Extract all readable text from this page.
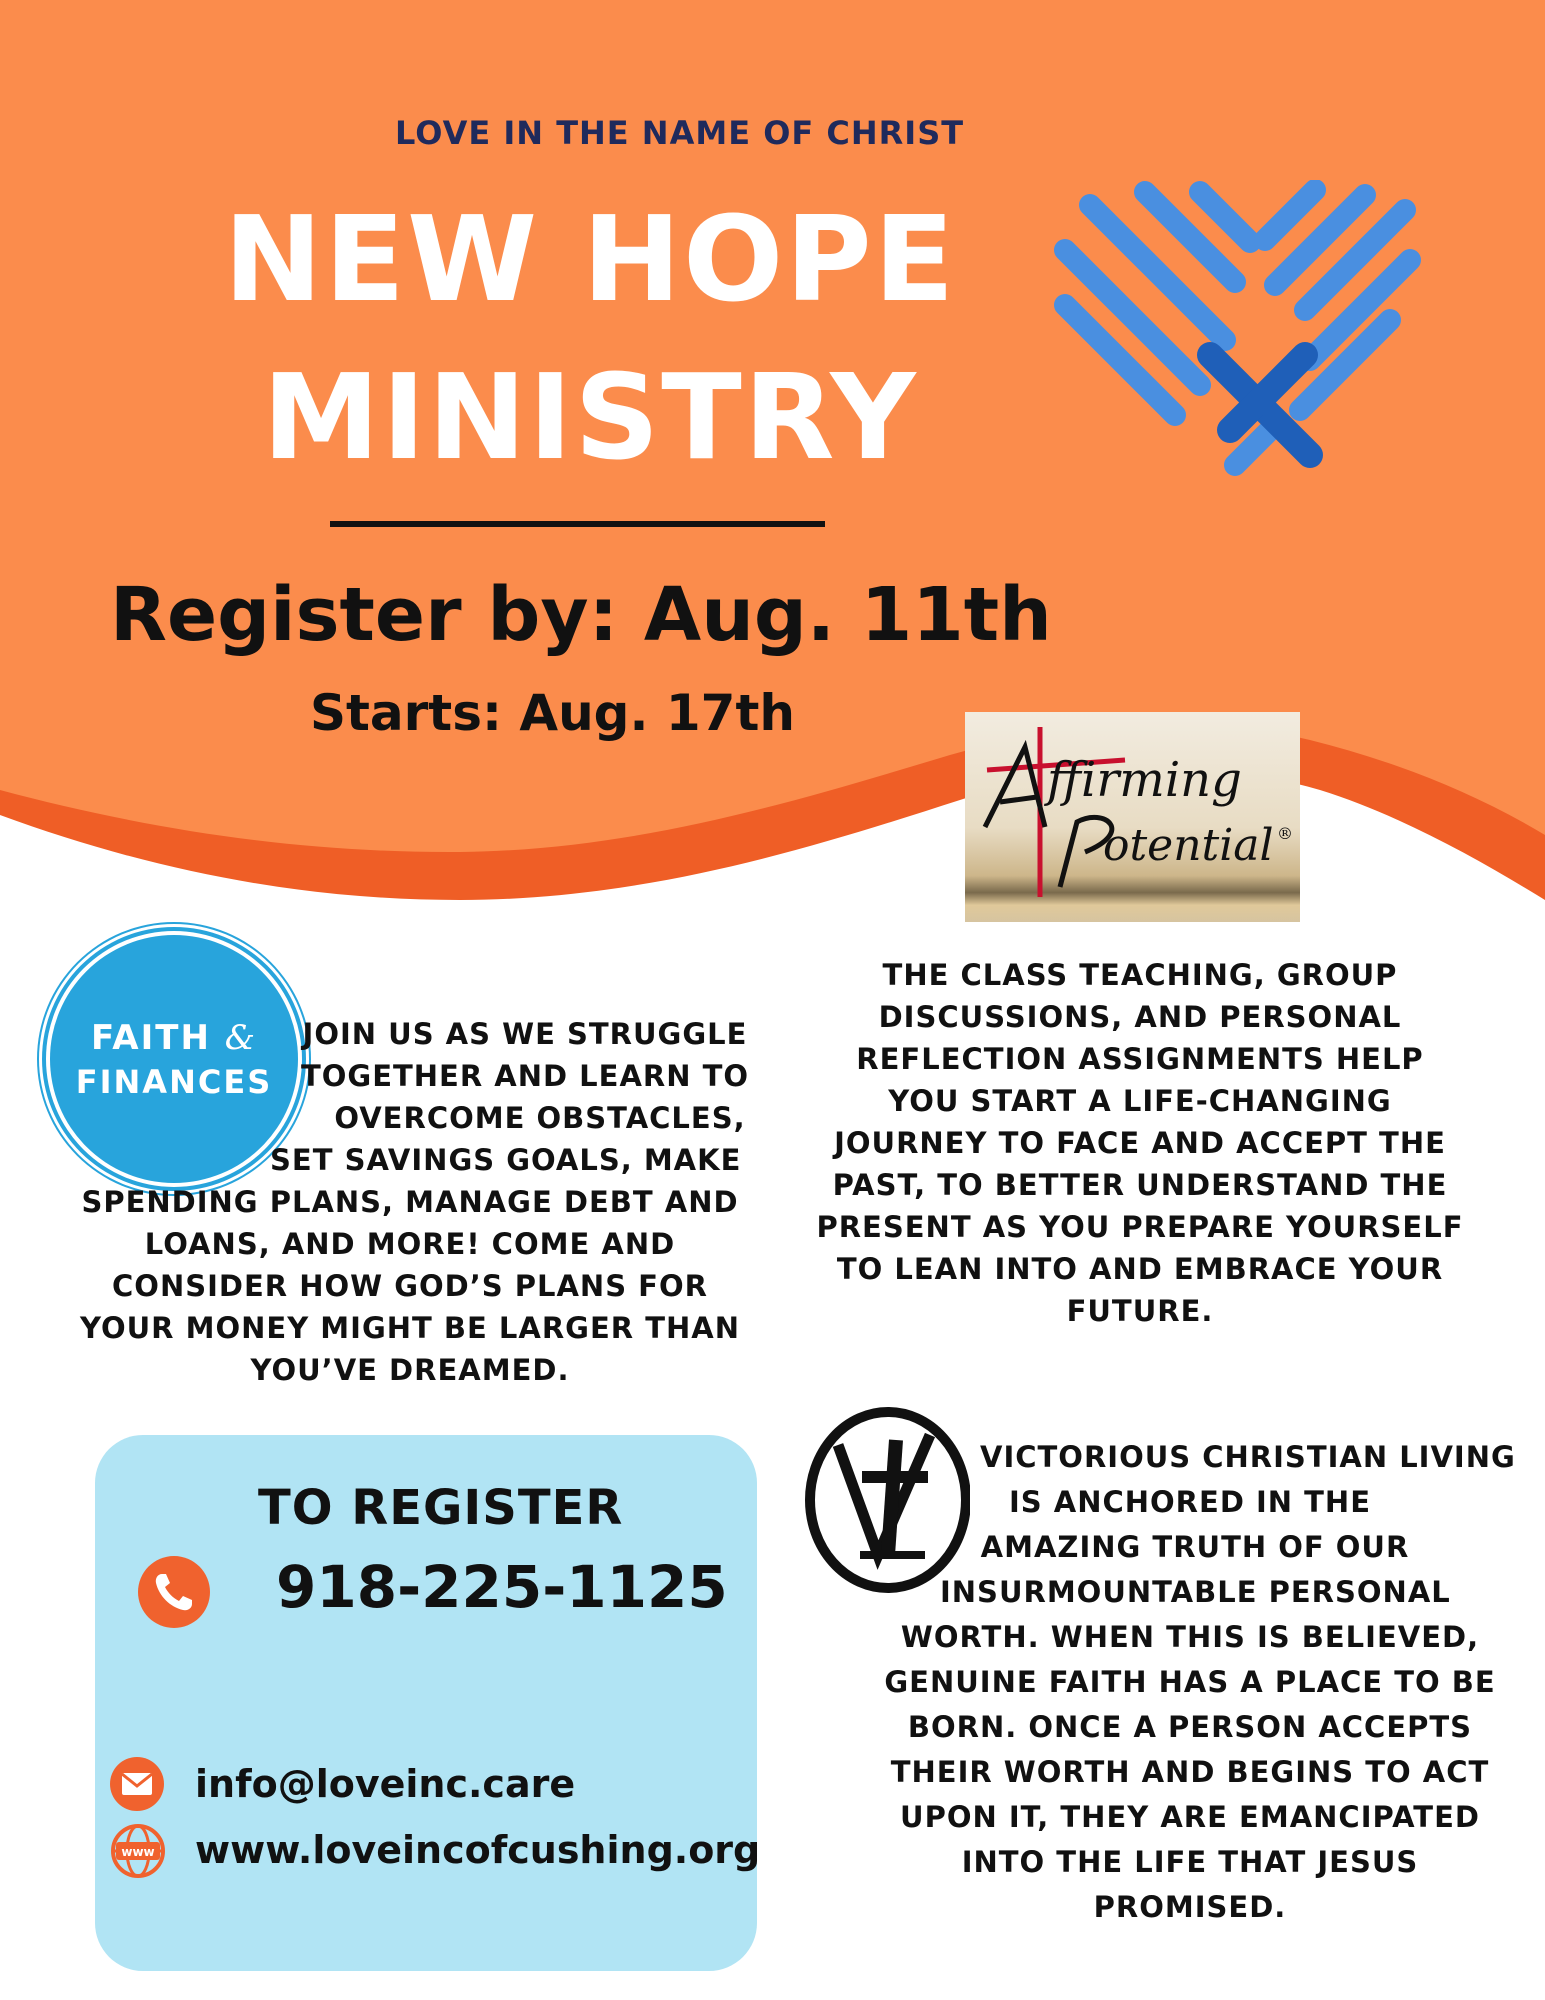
LOVE IN THE NAME OF CHRIST
NEW HOPE
MINISTRY
Register by: Aug. 11th
Starts: Aug. 17th
ffirming
otential ®
FAITH &
FINANCES
JOIN US AS WE STRUGGLE
TOGETHER AND LEARN TO
OVERCOME OBSTACLES,
SET SAVINGS GOALS, MAKE
SPENDING PLANS, MANAGE DEBT AND
LOANS, AND MORE! COME AND
CONSIDER HOW GOD’S PLANS FOR
YOUR MONEY MIGHT BE LARGER THAN
YOU’VE DREAMED.
THE CLASS TEACHING, GROUP
DISCUSSIONS, AND PERSONAL
REFLECTION ASSIGNMENTS HELP
YOU START A LIFE-CHANGING
JOURNEY TO FACE AND ACCEPT THE
PAST, TO BETTER UNDERSTAND THE
PRESENT AS YOU PREPARE YOURSELF
TO LEAN INTO AND EMBRACE YOUR
FUTURE.
VICTORIOUS CHRISTIAN LIVING
IS ANCHORED IN THE
AMAZING TRUTH OF OUR
INSURMOUNTABLE PERSONAL
WORTH. WHEN THIS IS BELIEVED,
GENUINE FAITH HAS A PLACE TO BE
BORN. ONCE A PERSON ACCEPTS
THEIR WORTH AND BEGINS TO ACT
UPON IT, THEY ARE EMANCIPATED
INTO THE LIFE THAT JESUS
PROMISED.
TO REGISTER
918-225-1125
info@loveinc.care
www www.loveincofcushing.org
